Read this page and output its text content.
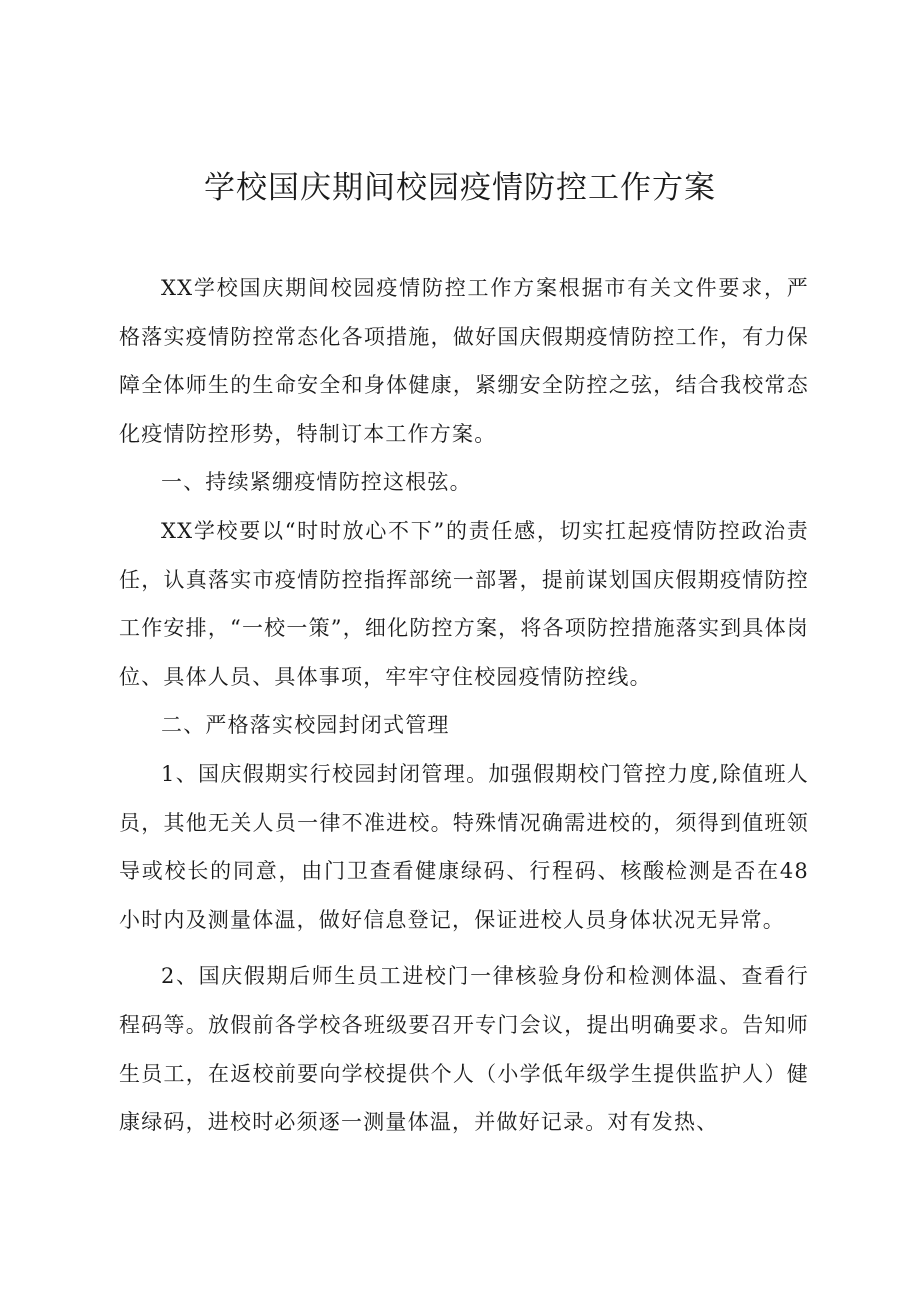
学校国庆期间校园疫情防控工作方案

XX学校国庆期间校园疫情防控工作方案根据市有关文件要求，严格落实疫情防控常态化各项措施，做好国庆假期疫情防控工作，有力保障全体师生的生命安全和身体健康，紧绷安全防控之弦，结合我校常态化疫情防控形势，特制订本工作方案。

一、持续紧绷疫情防控这根弦。

XX学校要以“时时放心不下”的责任感，切实扛起疫情防控政治责任，认真落实市疫情防控指挥部统一部署，提前谋划国庆假期疫情防控工作安排，“一校一策”，细化防控方案，将各项防控措施落实到具体岗位、具体人员、具体事项，牢牢守住校园疫情防控线。

二、严格落实校园封闭式管理

1、国庆假期实行校园封闭管理。加强假期校门管控力度,除值班人员，其他无关人员一律不准进校。特殊情况确需进校的，须得到值班领导或校长的同意，由门卫查看健康绿码、行程码、核酸检测是否在48小时内及测量体温，做好信息登记，保证进校人员身体状况无异常。

2、国庆假期后师生员工进校门一律核验身份和检测体温、查看行程码等。放假前各学校各班级要召开专门会议，提出明确要求。告知师生员工，在返校前要向学校提供个人（小学低年级学生提供监护人）健康绿码，进校时必须逐一测量体温，并做好记录。对有发热、
